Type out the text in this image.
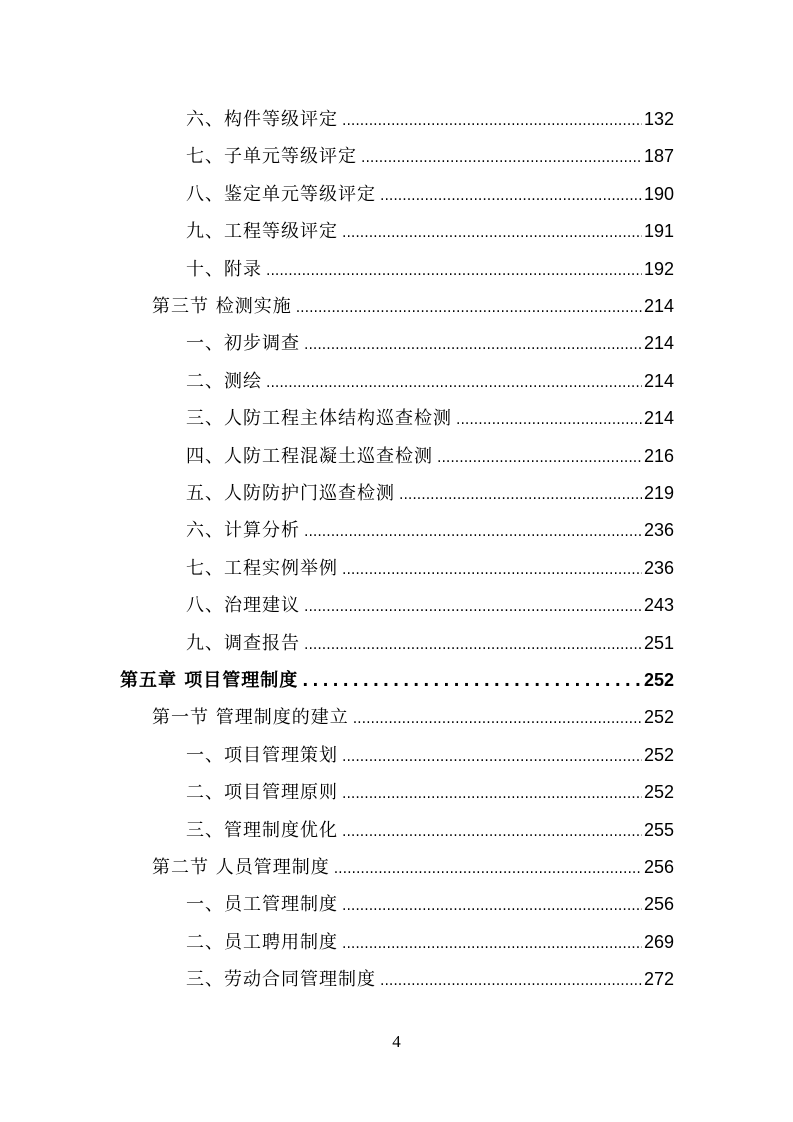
六、构件等级评定 .....	132
七、子单元等级评定 .....	187
八、鉴定单元等级评定 .....	190
九、工程等级评定 .....	191
十、附录 .....	192
第三节 检测实施 .....	214
一、初步调查 .....	214
二、测绘 .....	214
三、人防工程主体结构巡查检测 .....	214
四、人防工程混凝土巡查检测 .....	216
五、人防防护门巡查检测 .....	219
六、计算分析 .....	236
七、工程实例举例 .....	236
八、治理建议 .....	243
九、调查报告 .....	251
第五章 项目管理制度 .....	252
第一节 管理制度的建立 .....	252
一、项目管理策划 .....	252
二、项目管理原则 .....	252
三、管理制度优化 .....	255
第二节 人员管理制度 .....	256
一、员工管理制度 .....	256
二、员工聘用制度 .....	269
三、劳动合同管理制度 .....	272
4
